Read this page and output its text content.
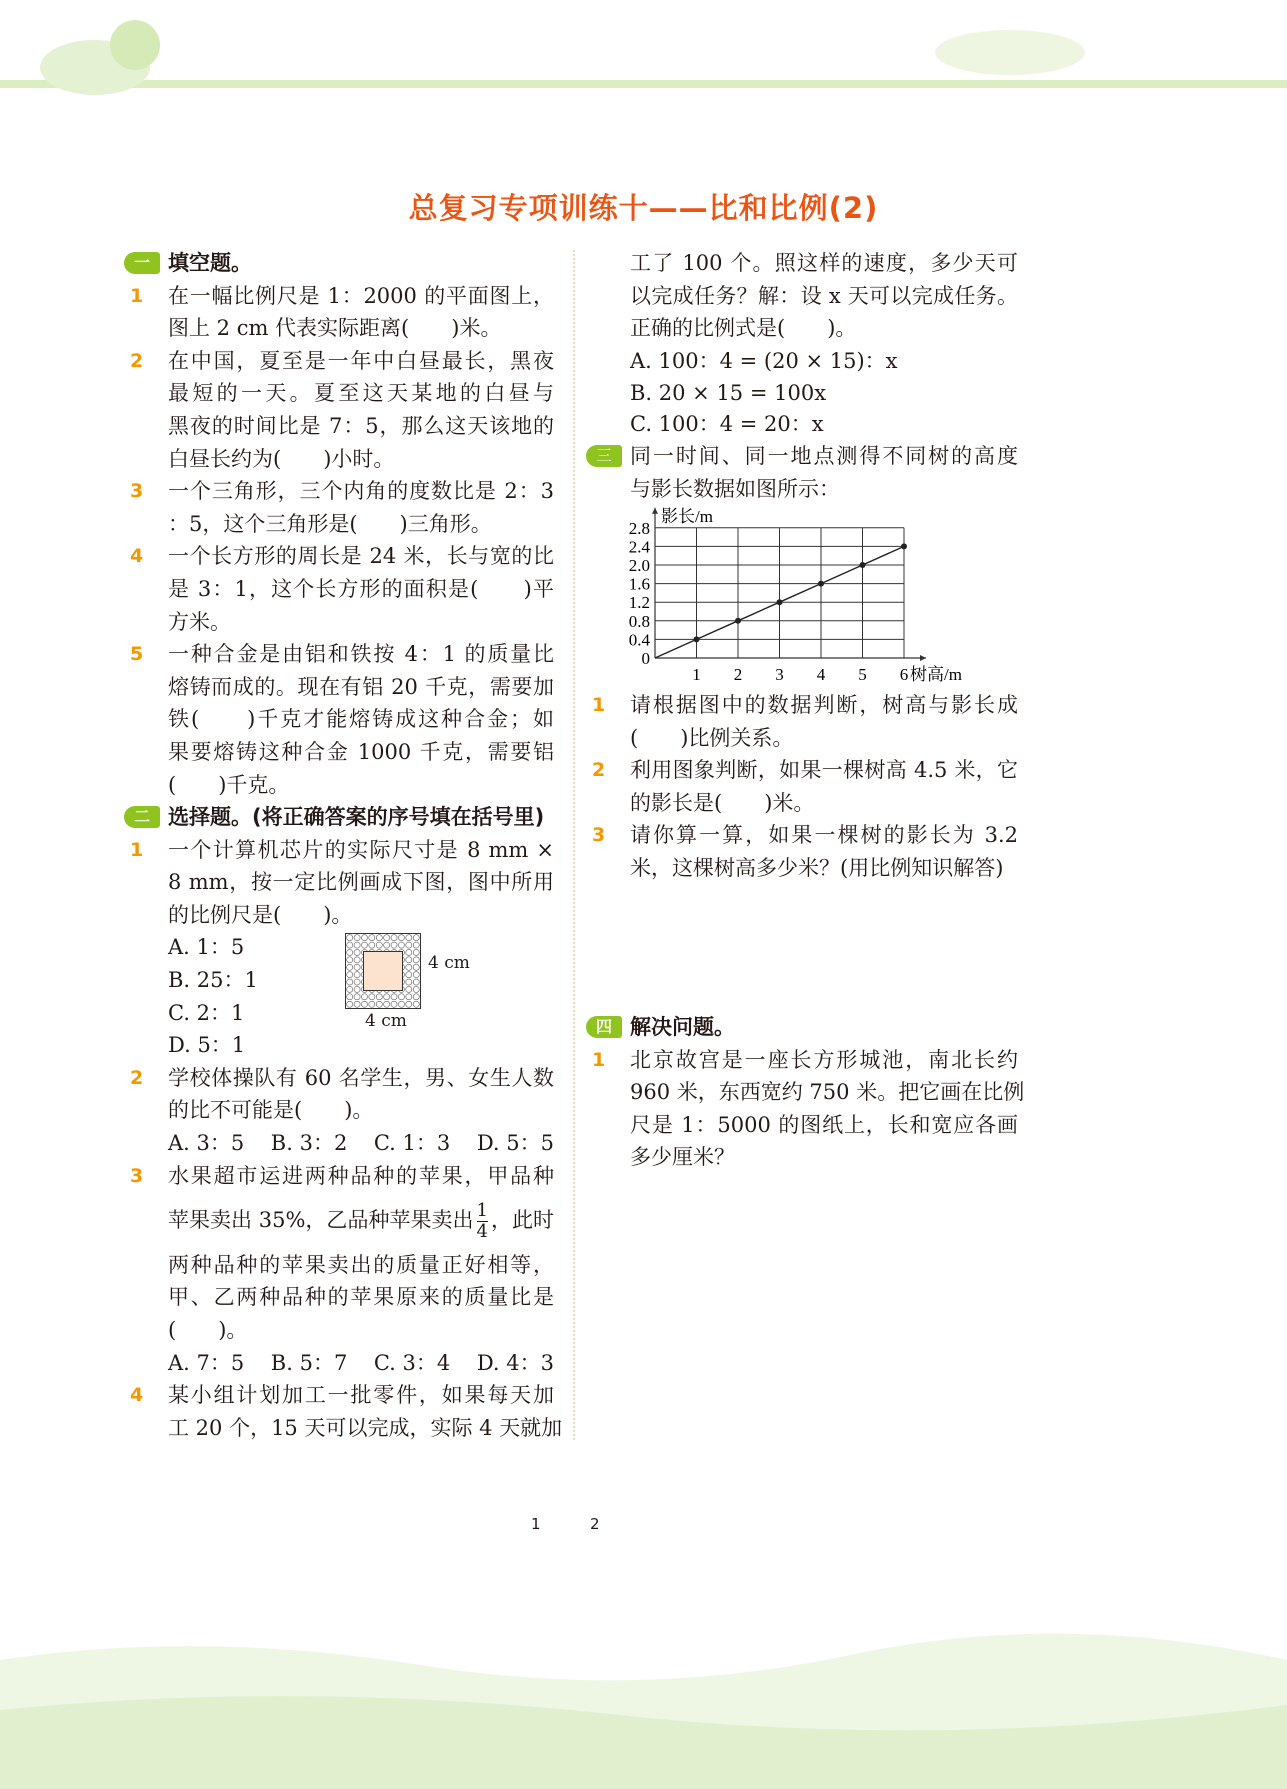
总复习专项训练十——比和比例(2)
一 填空题。
1	在一幅比例尺是 1：2000 的平面图上，
图上 2 cm 代表实际距离(　　)米。
2	在中国，夏至是一年中白昼最长，黑夜
最短的一天。夏至这天某地的白昼与
黑夜的时间比是 7：5，那么这天该地的
白昼长约为(　　)小时。
3	一个三角形，三个内角的度数比是 2：3
：5，这个三角形是(　　)三角形。
4	一个长方形的周长是 24 米，长与宽的比
是 3：1，这个长方形的面积是(　　)平
方米。
5	一种合金是由铝和铁按 4：1 的质量比
熔铸而成的。现在有铝 20 千克，需要加
铁(　　)千克才能熔铸成这种合金；如
果要熔铸这种合金 1000 千克，需要铝
(　　)千克。
二 选择题。(将正确答案的序号填在括号里)
1	一个计算机芯片的实际尺寸是 8 mm ×
8 mm，按一定比例画成下图，图中所用
的比例尺是(　　)。
A. 1：5
B. 25：1
C. 2：1
D. 5：1
4 cm
4 cm
2	学校体操队有 60 名学生，男、女生人数
的比不可能是(　　)。
A. 3：5 B. 3：2 C. 1：3 D. 5：5
3	水果超市运进两种品种的苹果，甲品种
苹果卖出 35%，乙品种苹果卖出 $\frac{1}{4}$ ，此时
两种品种的苹果卖出的质量正好相等，
甲、乙两种品种的苹果原来的质量比是
(　　)。
A. 7：5 B. 5：7 C. 3：4 D. 4：3
4	某小组计划加工一批零件，如果每天加
工 20 个，15 天可以完成，实际 4 天就加
工了 100 个。照这样的速度，多少天可
以完成任务？解：设 x 天可以完成任务。
正确的比例式是(　　)。
A. 100：4 = (20 × 15)：x
B. 20 × 15 = 100x
C. 100：4 = 20：x
三 同一时间、同一地点测得不同树的高度
与影长数据如图所示：
0
0.4
0.8
1.2
1.6
2.0
2.4
2.8
1 2 3 4 5 6
影长/m
树高/m
1	请根据图中的数据判断，树高与影长成
(　　)比例关系。
2	利用图象判断，如果一棵树高 4.5 米，它
的影长是(　　)米。
3	请你算一算，如果一棵树的影长为 3.2
米，这棵树高多少米？(用比例知识解答)
四 解决问题。
1	北京故宫是一座长方形城池，南北长约
960 米，东西宽约 750 米。把它画在比例
尺是 1：5000 的图纸上，长和宽应各画
多少厘米？
1	2
